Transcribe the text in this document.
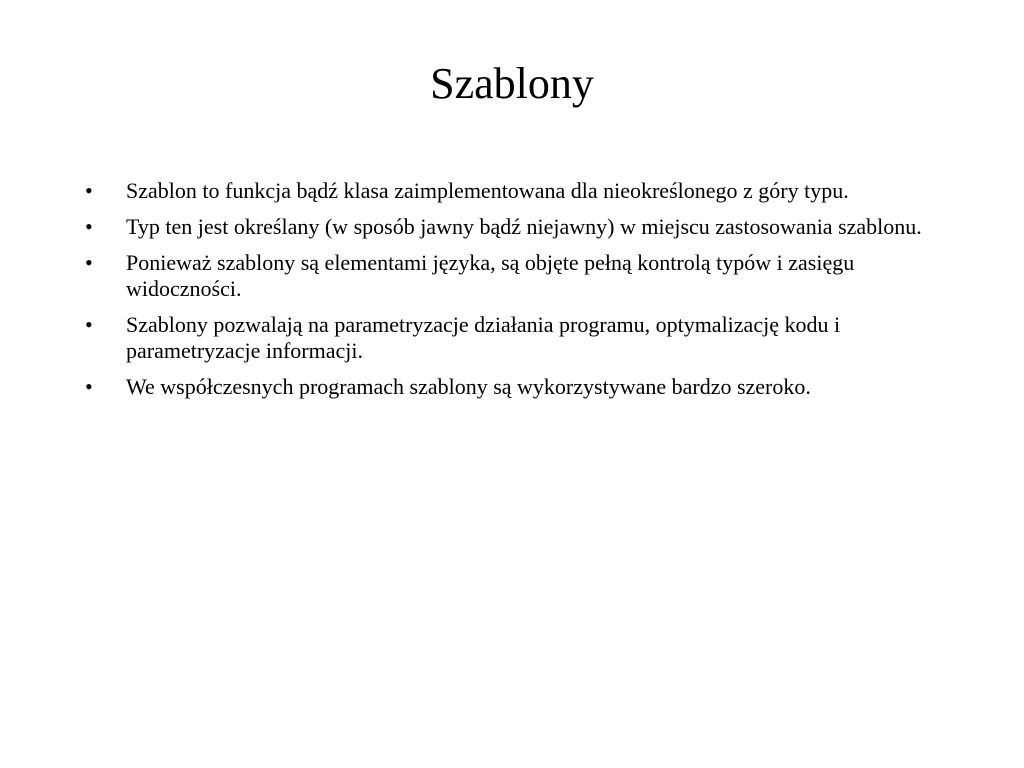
Szablony
•	Szablon to funkcja bądź klasa zaimplementowana dla nieokreślonego z góry typu.
•	Typ ten jest określany (w sposób jawny bądź niejawny) w miejscu zastosowania szablonu.
•	Ponieważ szablony są elementami języka, są objęte pełną kontrolą typów i zasięgu widoczności.
•	Szablony pozwalają na parametryzacje działania programu, optymalizację kodu i parametryzacje informacji.
•	We współczesnych programach szablony są wykorzystywane bardzo szeroko.
